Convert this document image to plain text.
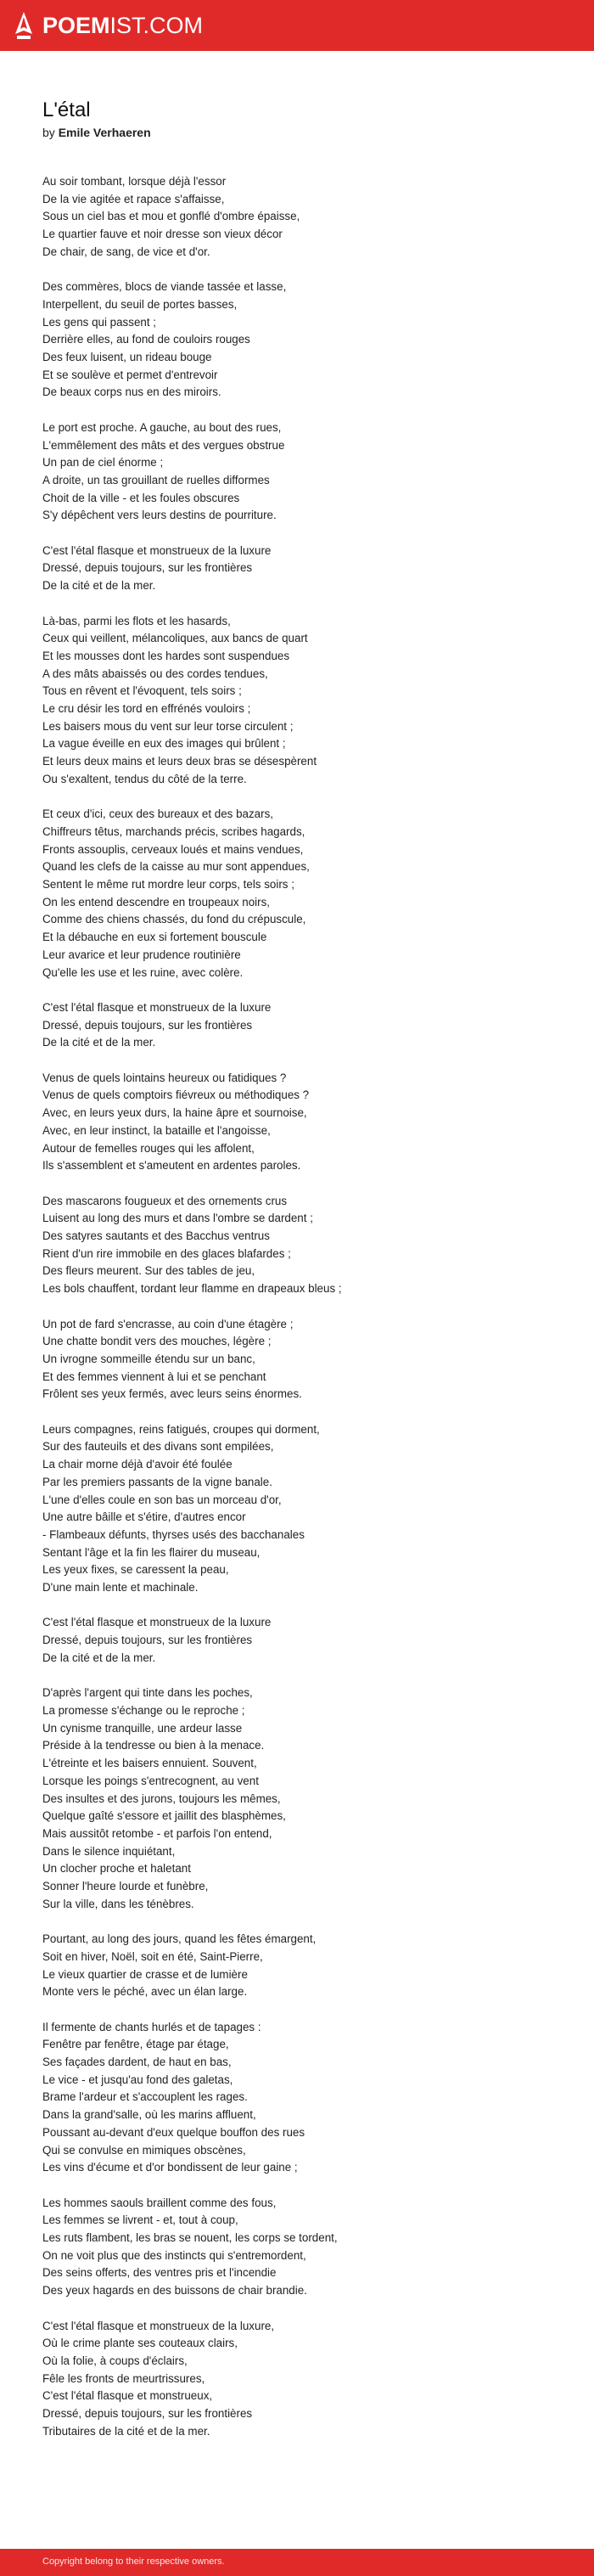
POEMIST.COM
L'étal
by Emile Verhaeren
Au soir tombant, lorsque déjà l'essor
De la vie agitée et rapace s'affaisse,
Sous un ciel bas et mou et gonflé d'ombre épaisse,
Le quartier fauve et noir dresse son vieux décor
De chair, de sang, de vice et d'or.
Des commères, blocs de viande tassée et lasse,
Interpellent, du seuil de portes basses,
Les gens qui passent ;
Derrière elles, au fond de couloirs rouges
Des feux luisent, un rideau bouge
Et se soulève et permet d'entrevoir
De beaux corps nus en des miroirs.
Le port est proche. A gauche, au bout des rues,
L'emmêlement des mâts et des vergues obstrue
Un pan de ciel énorme ;
A droite, un tas grouillant de ruelles difformes
Choit de la ville - et les foules obscures
S'y dépêchent vers leurs destins de pourriture.
C'est l'étal flasque et monstrueux de la luxure
Dressé, depuis toujours, sur les frontières
De la cité et de la mer.
Là-bas, parmi les flots et les hasards,
Ceux qui veillent, mélancoliques, aux bancs de quart
Et les mousses dont les hardes sont suspendues
A des mâts abaissés ou des cordes tendues,
Tous en rêvent et l'évoquent, tels soirs ;
Le cru désir les tord en effrénés vouloirs ;
Les baisers mous du vent sur leur torse circulent ;
La vague éveille en eux des images qui brûlent ;
Et leurs deux mains et leurs deux bras se désespèrent
Ou s'exaltent, tendus du côté de la terre.
Et ceux d'ici, ceux des bureaux et des bazars,
Chiffreurs têtus, marchands précis, scribes hagards,
Fronts assouplis, cerveaux loués et mains vendues,
Quand les clefs de la caisse au mur sont appendues,
Sentent le même rut mordre leur corps, tels soirs ;
On les entend descendre en troupeaux noirs,
Comme des chiens chassés, du fond du crépuscule,
Et la débauche en eux si fortement bouscule
Leur avarice et leur prudence routinière
Qu'elle les use et les ruine, avec colère.
C'est l'étal flasque et monstrueux de la luxure
Dressé, depuis toujours, sur les frontières
De la cité et de la mer.
Venus de quels lointains heureux ou fatidiques ?
Venus de quels comptoirs fiévreux ou méthodiques ?
Avec, en leurs yeux durs, la haine âpre et sournoise,
Avec, en leur instinct, la bataille et l'angoisse,
Autour de femelles rouges qui les affolent,
Ils s'assemblent et s'ameutent en ardentes paroles.
Des mascarons fougueux et des ornements crus
Luisent au long des murs et dans l'ombre se dardent ;
Des satyres sautants et des Bacchus ventrus
Rient d'un rire immobile en des glaces blafardes ;
Des fleurs meurent. Sur des tables de jeu,
Les bols chauffent, tordant leur flamme en drapeaux bleus ;
Un pot de fard s'encrasse, au coin d'une étagère ;
Une chatte bondit vers des mouches, légère ;
Un ivrogne sommeille étendu sur un banc,
Et des femmes viennent à lui et se penchant
Frôlent ses yeux fermés, avec leurs seins énormes.
Leurs compagnes, reins fatigués, croupes qui dorment,
Sur des fauteuils et des divans sont empilées,
La chair morne déjà d'avoir été foulée
Par les premiers passants de la vigne banale.
L'une d'elles coule en son bas un morceau d'or,
Une autre bâille et s'étire, d'autres encor
- Flambeaux défunts, thyrses usés des bacchanales
Sentant l'âge et la fin les flairer du museau,
Les yeux fixes, se caressent la peau,
D'une main lente et machinale.
C'est l'étal flasque et monstrueux de la luxure
Dressé, depuis toujours, sur les frontières
De la cité et de la mer.
D'après l'argent qui tinte dans les poches,
La promesse s'échange ou le reproche ;
Un cynisme tranquille, une ardeur lasse
Préside à la tendresse ou bien à la menace.
L'étreinte et les baisers ennuient. Souvent,
Lorsque les poings s'entrecognent, au vent
Des insultes et des jurons, toujours les mêmes,
Quelque gaîté s'essore et jaillit des blasphèmes,
Mais aussitôt retombe - et parfois l'on entend,
Dans le silence inquiétant,
Un clocher proche et haletant
Sonner l'heure lourde et funèbre,
Sur la ville, dans les ténèbres.
Pourtant, au long des jours, quand les fêtes émargent,
Soit en hiver, Noël, soit en été, Saint-Pierre,
Le vieux quartier de crasse et de lumière
Monte vers le péché, avec un élan large.
Il fermente de chants hurlés et de tapages :
Fenêtre par fenêtre, étage par étage,
Ses façades dardent, de haut en bas,
Le vice - et jusqu'au fond des galetas,
Brame l'ardeur et s'accouplent les rages.
Dans la grand'salle, où les marins affluent,
Poussant au-devant d'eux quelque bouffon des rues
Qui se convulse en mimiques obscènes,
Les vins d'écume et d'or bondissent de leur gaine ;
Les hommes saouls braillent comme des fous,
Les femmes se livrent - et, tout à coup,
Les ruts flambent, les bras se nouent, les corps se tordent,
On ne voit plus que des instincts qui s'entremordent,
Des seins offerts, des ventres pris et l'incendie
Des yeux hagards en des buissons de chair brandie.
C'est l'étal flasque et monstrueux de la luxure,
Où le crime plante ses couteaux clairs,
Où la folie, à coups d'éclairs,
Fêle les fronts de meurtrissures,
C'est l'étal flasque et monstrueux,
Dressé, depuis toujours, sur les frontières
Tributaires de la cité et de la mer.
Copyright belong to their respective owners.
